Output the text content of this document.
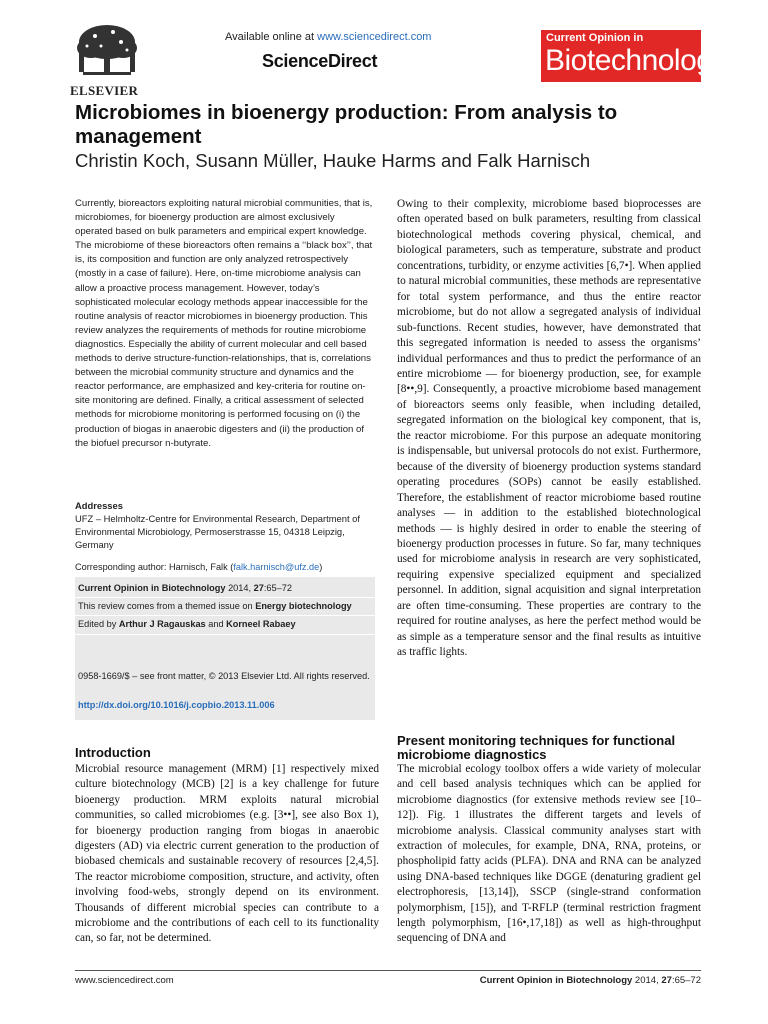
ELSEVIER
Available online at www.sciencedirect.com
ScienceDirect
Current Opinion in
Biotechnology
Microbiomes in bioenergy production: From analysis to management
Christin Koch, Susann Müller, Hauke Harms and Falk Harnisch

Currently, bioreactors exploiting natural microbial communities, that is, microbiomes, for bioenergy production are almost exclusively operated based on bulk parameters and empirical expert knowledge. The microbiome of these bioreactors often remains a ‘‘black box’’, that is, its composition and function are only analyzed retrospectively (mostly in a case of failure). Here, on-time microbiome analysis can allow a proactive process management. However, today’s sophisticated molecular ecology methods appear inaccessible for the routine analysis of reactor microbiomes in bioenergy production. This review analyzes the requirements of methods for routine microbiome diagnostics. Especially the ability of current molecular and cell based methods to derive structure-function-relationships, that is, correlations between the microbial community structure and dynamics and the reactor performance, are emphasized and key-criteria for routine on-site monitoring are defined. Finally, a critical assessment of selected methods for microbiome monitoring is performed focusing on (i) the production of biogas in anaerobic digesters and (ii) the production of the biofuel precursor n-butyrate.

Addresses
UFZ – Helmholtz-Centre for Environmental Research, Department of Environmental Microbiology, Permoserstrasse 15, 04318 Leipzig, Germany
Corresponding author: Harnisch, Falk (falk.harnisch@ufz.de)
Current Opinion in Biotechnology 2014, 27:65–72
This review comes from a themed issue on Energy biotechnology
Edited by Arthur J Ragauskas and Korneel Rabaey
0958-1669/$ – see front matter, © 2013 Elsevier Ltd. All rights reserved.
http://dx.doi.org/10.1016/j.copbio.2013.11.006
Introduction

Microbial resource management (MRM) [1] respectively mixed culture biotechnology (MCB) [2] is a key challenge for future bioenergy production. MRM exploits natural microbial communities, so called microbiomes (e.g. [3••], see also Box 1), for bioenergy production ranging from biogas in anaerobic digesters (AD) via electric current generation to the production of biobased chemicals and sustainable recovery of resources [2,4,5]. The reactor microbiome composition, structure, and activity, often involving food-webs, strongly depend on its environment. Thousands of different microbial species can contribute to a microbiome and the contributions of each cell to its functionality can, so far, not be determined.

Owing to their complexity, microbiome based bioprocesses are often operated based on bulk parameters, resulting from classical biotechnological methods covering physical, chemical, and biological parameters, such as temperature, substrate and product concentrations, turbidity, or enzyme activities [6,7•]. When applied to natural microbial communities, these methods are representative for total system performance, and thus the entire reactor microbiome, but do not allow a segregated analysis of individual sub-functions. Recent studies, however, have demonstrated that this segregated information is needed to assess the organisms’ individual performances and thus to predict the performance of an entire microbiome — for bioenergy production, see, for example [8••,9]. Consequently, a proactive microbiome based management of bioreactors seems only feasible, when including detailed, segregated information on the biological key component, that is, the reactor microbiome. For this purpose an adequate monitoring is indispensable, but universal protocols do not exist. Furthermore, because of the diversity of bioenergy production systems standard operating procedures (SOPs) cannot be easily established. Therefore, the establishment of reactor microbiome based routine analyses — in addition to the established biotechnological methods — is highly desired in order to enable the steering of bioenergy production processes in future. So far, many techniques used for microbiome analysis in research are very sophisticated, requiring expensive specialized equipment and specialized personnel. In addition, signal acquisition and signal interpretation are often time-consuming. These properties are contrary to the required for routine analyses, as here the perfect method would be as simple as a temperature sensor and the final results as intuitive as traffic lights.

Present monitoring techniques for functional microbiome diagnostics

The microbial ecology toolbox offers a wide variety of molecular and cell based analysis techniques which can be applied for microbiome diagnostics (for extensive methods review see [10–12]). Fig. 1 illustrates the different targets and levels of microbiome analysis. Classical community analyses start with extraction of molecules, for example, DNA, RNA, proteins, or phospholipid fatty acids (PLFA). DNA and RNA can be analyzed using DNA-based techniques like DGGE (denaturing gradient gel electrophoresis, [13,14]), SSCP (single-strand conformation polymorphism, [15]), and T-RFLP (terminal restriction fragment length polymorphism, [16•,17,18]) as well as high-throughput sequencing of DNA and

www.sciencedirect.com	Current Opinion in Biotechnology 2014, 27:65–72
